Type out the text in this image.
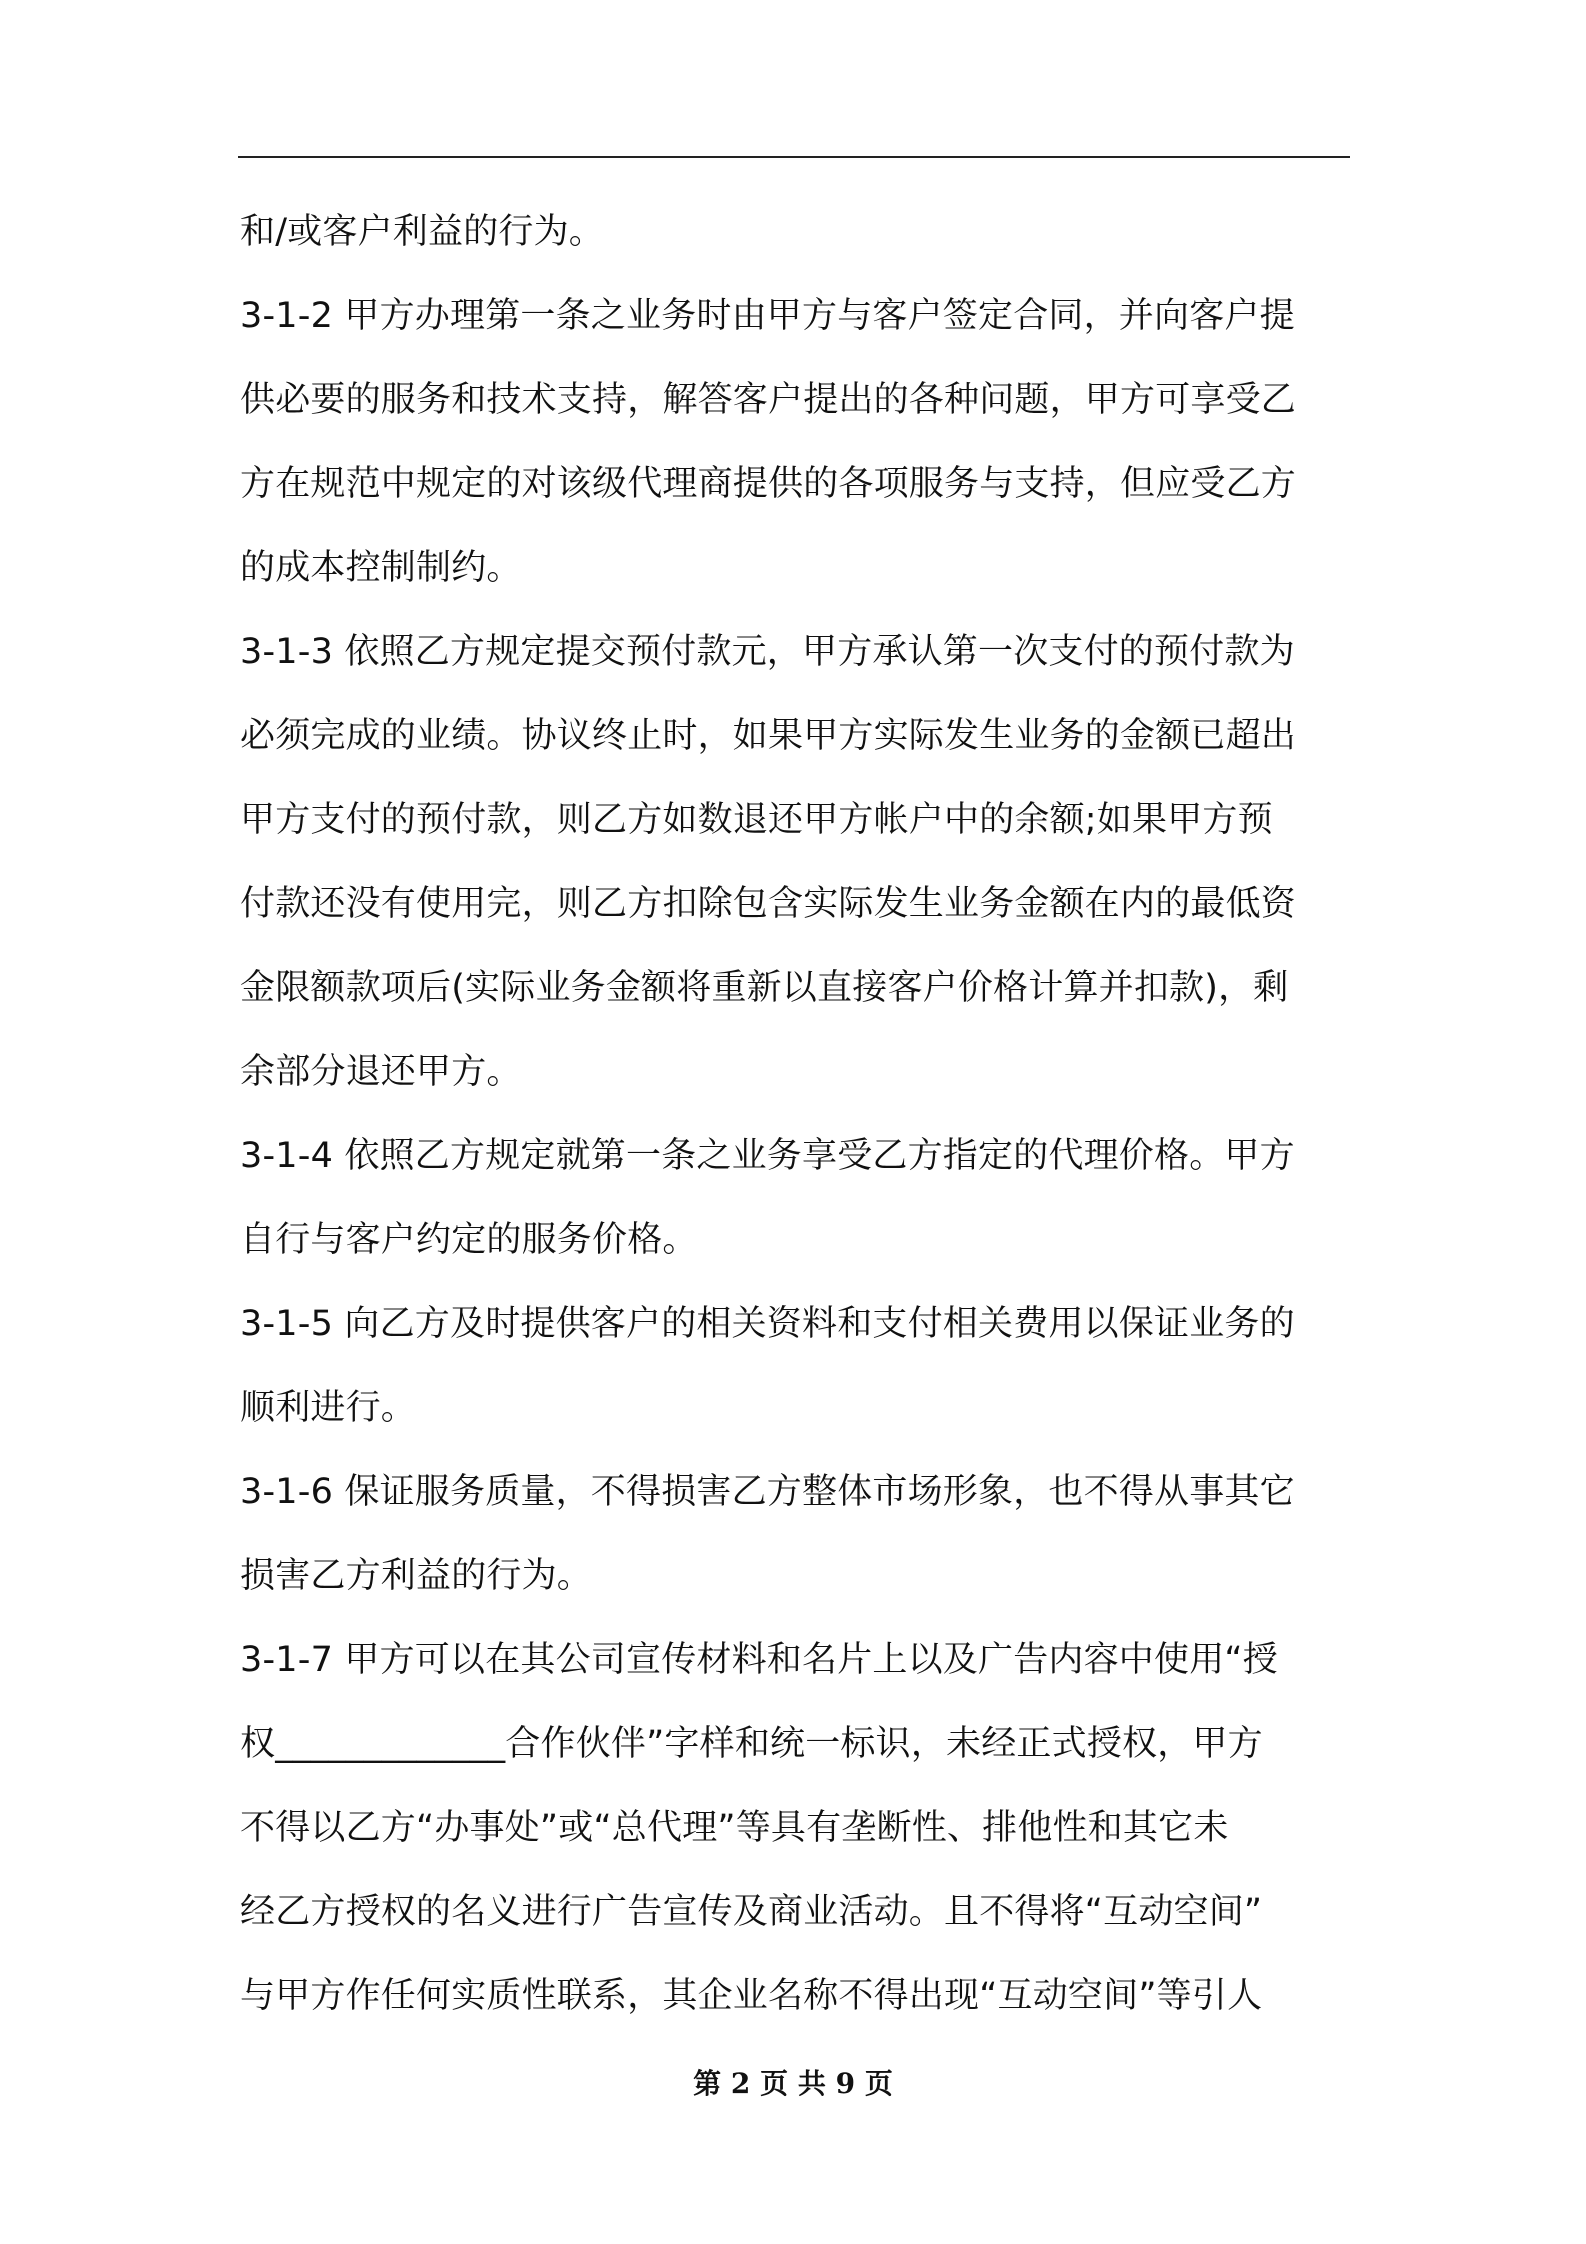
和/或客户利益的行为。
3-1-2 甲方办理第一条之业务时由甲方与客户签定合同，并向客户提
供必要的服务和技术支持，解答客户提出的各种问题，甲方可享受乙
方在规范中规定的对该级代理商提供的各项服务与支持，但应受乙方
的成本控制制约。
3-1-3 依照乙方规定提交预付款元，甲方承认第一次支付的预付款为
必须完成的业绩。协议终止时，如果甲方实际发生业务的金额已超出
甲方支付的预付款，则乙方如数退还甲方帐户中的余额;如果甲方预
付款还没有使用完，则乙方扣除包含实际发生业务金额在内的最低资
金限额款项后(实际业务金额将重新以直接客户价格计算并扣款)，剩
余部分退还甲方。
3-1-4 依照乙方规定就第一条之业务享受乙方指定的代理价格。甲方
自行与客户约定的服务价格。
3-1-5 向乙方及时提供客户的相关资料和支付相关费用以保证业务的
顺利进行。
3-1-6 保证服务质量，不得损害乙方整体市场形象，也不得从事其它
损害乙方利益的行为。
3-1-7 甲方可以在其公司宣传材料和名片上以及广告内容中使用“授
权_____________合作伙伴”字样和统一标识，未经正式授权，甲方
不得以乙方“办事处”或“总代理”等具有垄断性、排他性和其它未
经乙方授权的名义进行广告宣传及商业活动。且不得将“互动空间”
与甲方作任何实质性联系，其企业名称不得出现“互动空间”等引人
第 2 页 共 9 页
